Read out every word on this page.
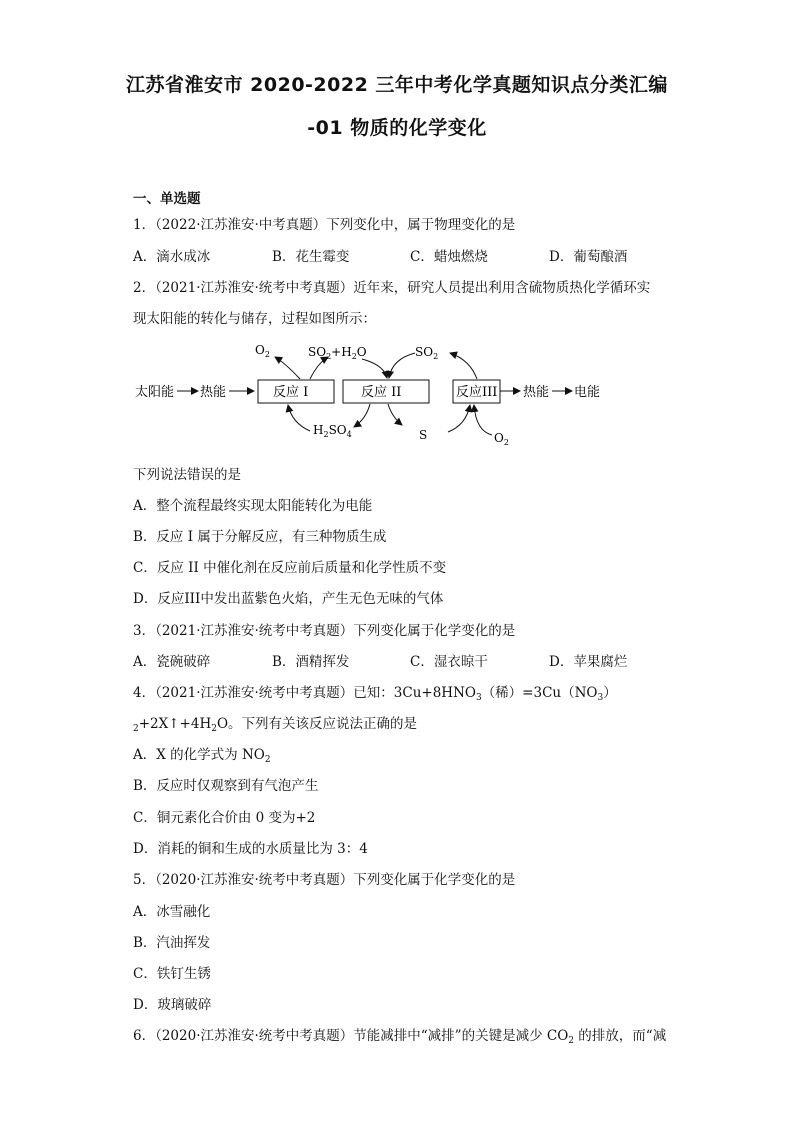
江苏省淮安市 2020-2022 三年中考化学真题知识点分类汇编
-01 物质的化学变化
一、单选题
1．（2022·江苏淮安·中考真题）下列变化中，属于物理变化的是
A．滴水成冰	B．花生霉变	C．蜡烛燃烧	D．葡萄酿酒
2．（2021·江苏淮安·统考中考真题）近年来，研究人员提出利用含硫物质热化学循环实
现太阳能的转化与储存，过程如图所示：
太阳能 热能	反应 I	反应 II	反应III 热能 电能
$O_2$	$SO_2+H_2O$	$SO_2$
$H_2SO_4$	S	$O_2$
下列说法错误的是
A．整个流程最终实现太阳能转化为电能
B．反应 I 属于分解反应，有三种物质生成
C．反应 II 中催化剂在反应前后质量和化学性质不变
D．反应III中发出蓝紫色火焰，产生无色无味的气体
3．（2021·江苏淮安·统考中考真题）下列变化属于化学变化的是
A．瓷碗破碎	B．酒精挥发	C．湿衣晾干	D．苹果腐烂
4．（2021·江苏淮安·统考中考真题）已知：$3Cu+8HNO_3$（稀）$=3Cu(NO_3)$
$_2+2X↑+4H_2O$。下列有关该反应说法正确的是
A．X 的化学式为 $NO_2$
B．反应时仅观察到有气泡产生
C．铜元素化合价由 0 变为+2
D．消耗的铜和生成的水质量比为 3：4
5．（2020·江苏淮安·统考中考真题）下列变化属于化学变化的是
A．冰雪融化
B．汽油挥发
C．铁钉生锈
D．玻璃破碎
6．（2020·江苏淮安·统考中考真题）节能减排中“减排”的关键是减少 $CO_2$ 的排放，而“减
